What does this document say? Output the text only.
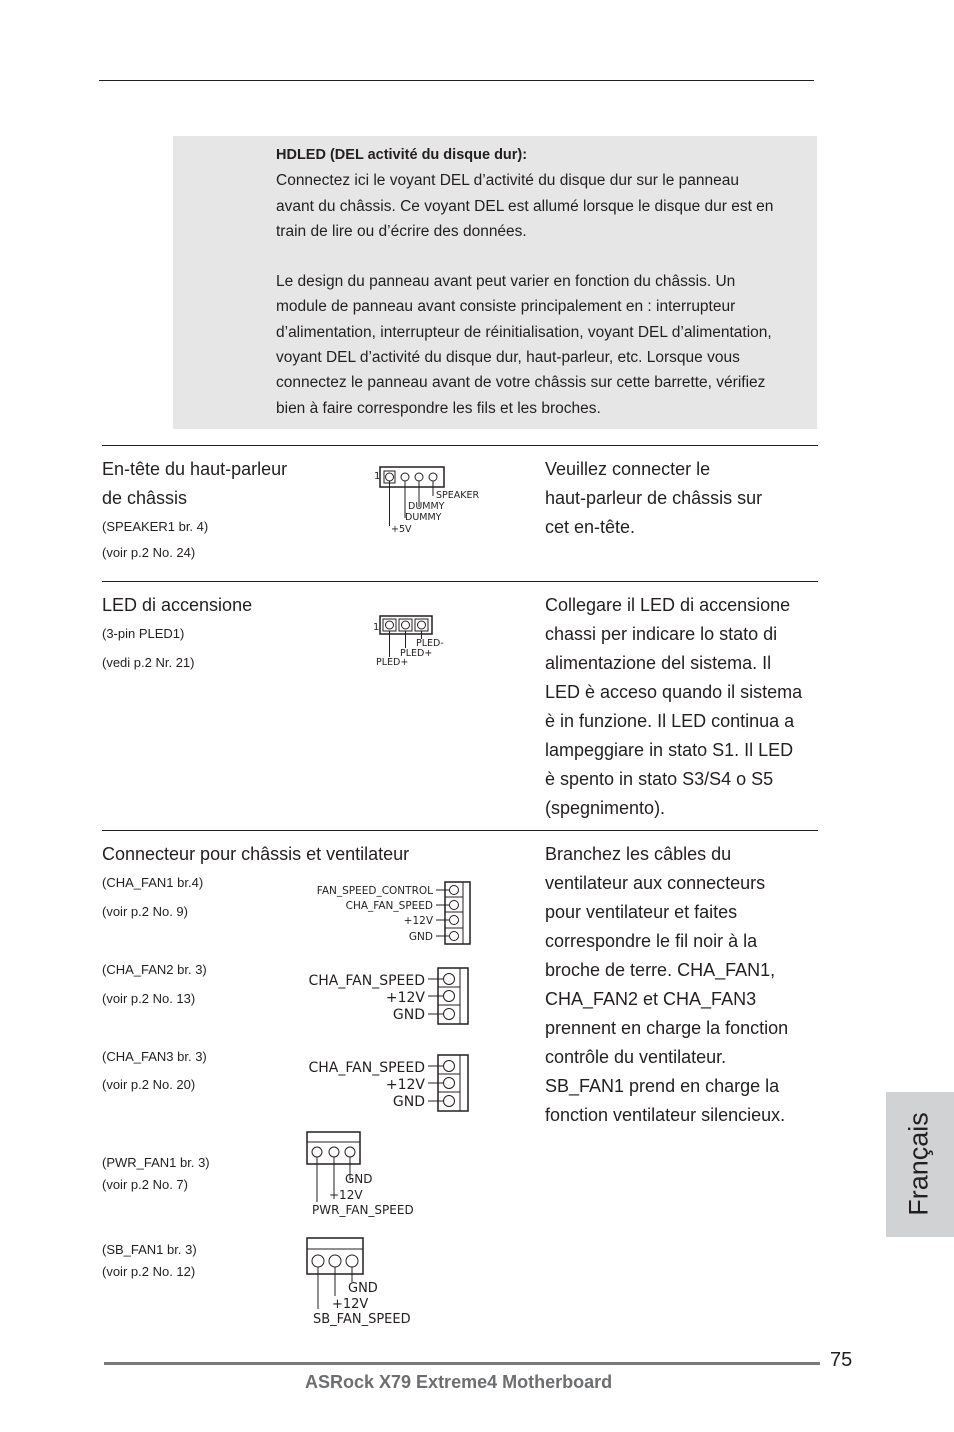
HDLED (DEL activité du disque dur):

Connectez ici le voyant DEL d’activité du disque dur sur le panneau

avant du châssis. Ce voyant DEL est allumé lorsque le disque dur est en

train de lire ou d’écrire des données.

Le design du panneau avant peut varier en fonction du châssis. Un

module de panneau avant consiste principalement en : interrupteur

d’alimentation, interrupteur de réinitialisation, voyant DEL d’alimentation,

voyant DEL d’activité du disque dur, haut-parleur, etc. Lorsque vous

connectez le panneau avant de votre châssis sur cette barrette, vérifiez

bien à faire correspondre les fils et les broches.

En-tête du haut-parleur
de châssis
(SPEAKER1 br. 4)
(voir p.2 No. 24)
1
SPEAKER
DUMMY
DUMMY
+5V
Veuillez connecter le
haut-parleur de châssis sur
cet en-tête.
LED di accensione
(3-pin PLED1)
(vedi p.2 Nr. 21)
1
PLED-
PLED+
PLED+
Collegare il LED di accensione
chassi per indicare lo stato di
alimentazione del sistema. Il
LED è acceso quando il sistema
è in funzione. Il LED continua a
lampeggiare in stato S1. Il LED
è spento in stato S3/S4 o S5
(spegnimento).
Connecteur pour châssis et ventilateur
(CHA_FAN1 br.4)
(voir p.2 No. 9)
FAN_SPEED_CONTROL
CHA_FAN_SPEED
+12V
GND
(CHA_FAN2 br. 3)
(voir p.2 No. 13)
CHA_FAN_SPEED
+12V
GND
(CHA_FAN3 br. 3)
(voir p.2 No. 20)
CHA_FAN_SPEED
+12V
GND
(PWR_FAN1 br. 3)
(voir p.2 No. 7)	GND
+12V
PWR_FAN_SPEED
(SB_FAN1 br. 3)
(voir p.2 No. 12)
GND
+12V
SB_FAN_SPEED
Branchez les câbles du
ventilateur aux connecteurs
pour ventilateur et faites
correspondre le fil noir à la
broche de terre. CHA_FAN1,
CHA_FAN2 et CHA_FAN3
prennent en charge la fonction
contrôle du ventilateur.
SB_FAN1 prend en charge la
fonction ventilateur silencieux.	Français
75
ASRock X79 Extreme4 Motherboard
